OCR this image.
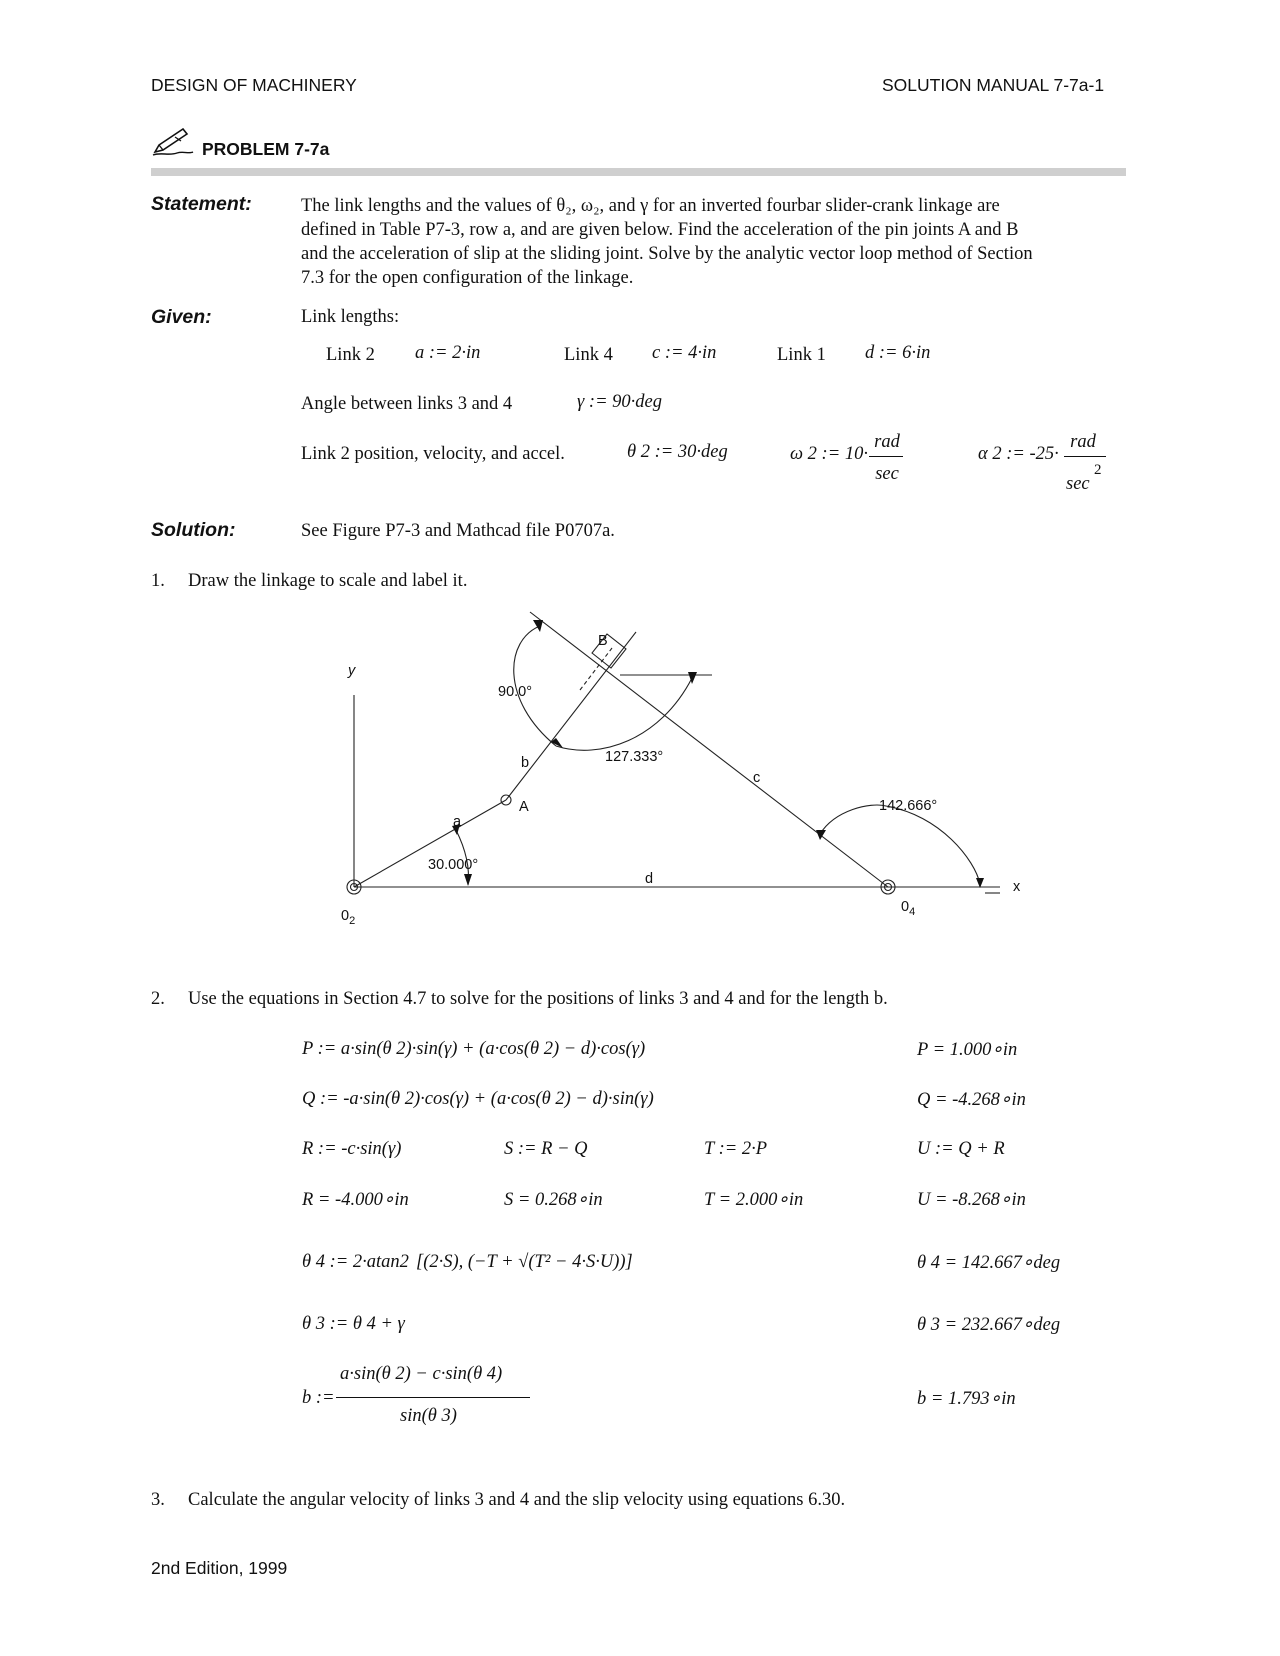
DESIGN OF MACHINERY	SOLUTION MANUAL 7-7a-1
PROBLEM 7-7a
Statement:	The link lengths and the values of θ₂, ω₂, and γ for an inverted fourbar slider-crank linkage are

defined in Table P7-3, row a, and are given below. Find the acceleration of the pin joints A and B

and the acceleration of slip at the sliding joint. Solve by the analytic vector loop method of Section

7.3 for the open configuration of the linkage.

Given:	Link lengths:
Link 2 a := 2·in	Link 4 c := 4·in	Link 1 d := 6·in
Angle between links 3 and 4	γ := 90·deg
Link 2 position, velocity, and accel.	θ 2 := 30·deg	ω 2 := 10·
rad
sec
α 2 := -25·
rad
sec
2
Solution:	See Figure P7-3 and Mathcad file P0707a.
1. Draw the linkage to scale and label it.
y
x
$0_2$
$0_4$
A
B
a
b
c
d
90.0°
127.333°
142.666°
30.000°
2. Use the equations in Section 4.7 to solve for the positions of links 3 and 4 and for the length b.
P := a·sin(θ 2)·sin(γ) + (a·cos(θ 2) − d)·cos(γ)	P = 1.000∘in
Q := -a·sin(θ 2)·cos(γ) + (a·cos(θ 2) − d)·sin(γ)	Q = -4.268∘in
R := -c·sin(γ)	S := R − Q	T := 2·P	U := Q + R
R = -4.000∘in	S = 0.268∘in	T = 2.000∘in	U = -8.268∘in
θ 4 := 2·atan2 [(2·S), (−T + √(T² − 4·S·U))]	θ 4 = 142.667∘deg
θ 3 := θ 4 + γ	θ 3 = 232.667∘deg
b :=
a·sin(θ 2) − c·sin(θ 4)
sin(θ 3)
b = 1.793∘in
3. Calculate the angular velocity of links 3 and 4 and the slip velocity using equations 6.30.
2nd Edition, 1999
